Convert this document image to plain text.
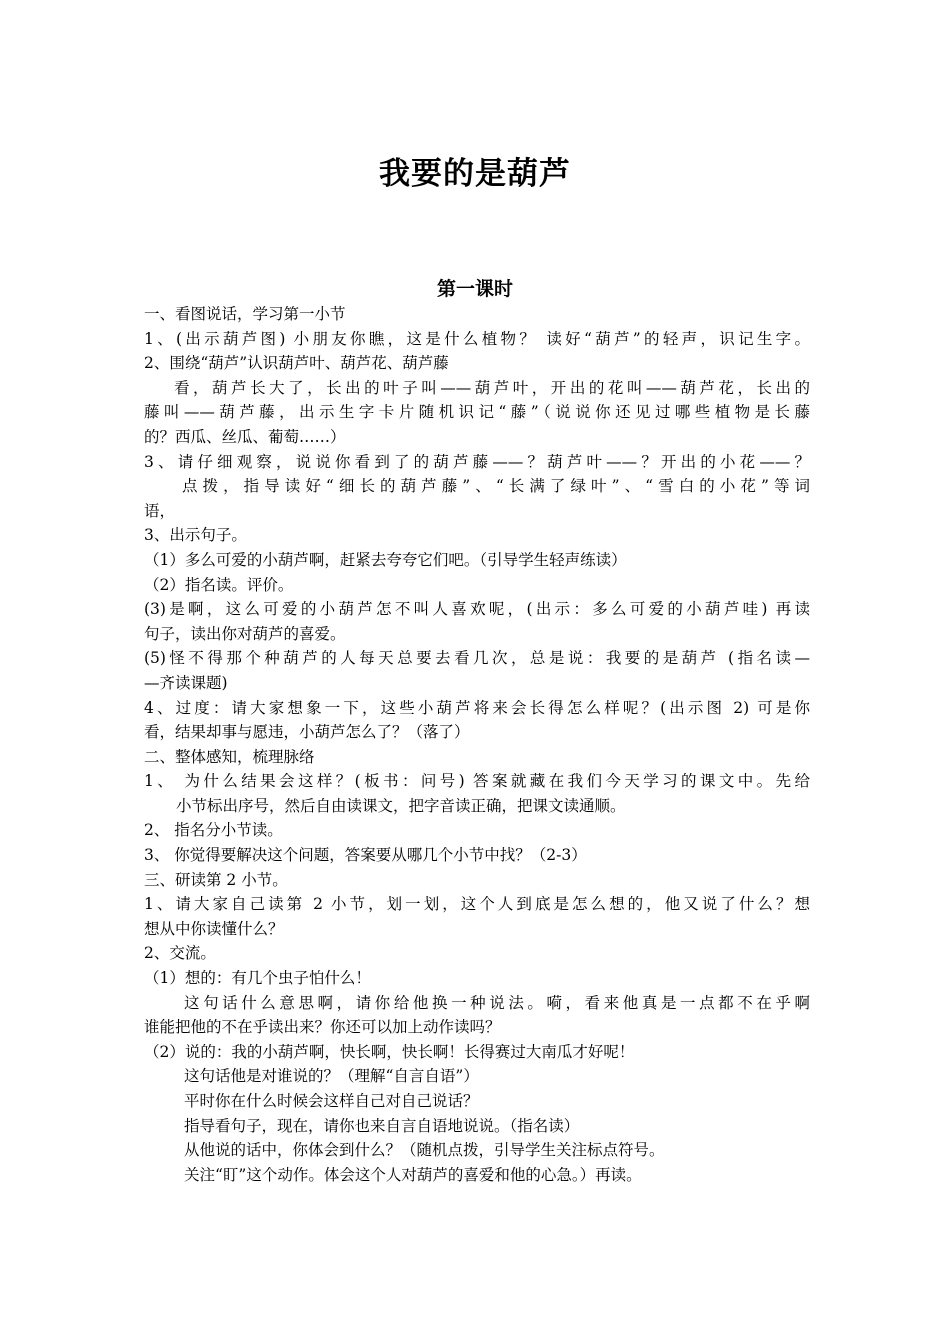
我要的是葫芦
第一课时
一、看图说话，学习第一小节
1、(出示葫芦图) 小朋友你瞧，这是什么植物？ 读好“葫芦”的轻声，识记生字。
2、围绕“葫芦”认识葫芦叶、葫芦花、葫芦藤
看，葫芦长大了，长出的叶子叫——葫芦叶，开出的花叫——葫芦花，长出的
藤叫——葫芦藤，出示生字卡片随机识记“藤”（说说你还见过哪些植物是长藤
的？西瓜、丝瓜、葡萄……）
3、请仔细观察，说说你看到了的葫芦藤——？葫芦叶——？开出的小花——？
点拨，指导读好“细长的葫芦藤”、“长满了绿叶”、“雪白的小花”等词
语，
3、出示句子。
（1）多么可爱的小葫芦啊，赶紧去夸夸它们吧。（引导学生轻声练读）
（2）指名读。评价。
(3)是啊，这么可爱的小葫芦怎不叫人喜欢呢，(出示：多么可爱的小葫芦哇) 再读
句子，读出你对葫芦的喜爱。
(5)怪不得那个种葫芦的人每天总要去看几次，总是说：我要的是葫芦 (指名读—
—齐读课题)
4、过度：请大家想象一下，这些小葫芦将来会长得怎么样呢？(出示图 2) 可是你
看，结果却事与愿违，小葫芦怎么了？（落了）
二、整体感知，梳理脉络
1、 为什么结果会这样？(板书：问号) 答案就藏在我们今天学习的课文中。先给
小节标出序号，然后自由读课文，把字音读正确，把课文读通顺。
2、 指名分小节读。
3、 你觉得要解决这个问题，答案要从哪几个小节中找？（2-3）
三、研读第 2 小节。
1、请大家自己读第 2 小节，划一划，这个人到底是怎么想的，他又说了什么？想
想从中你读懂什么？
2、交流。
（1）想的：有几个虫子怕什么！
这句话什么意思啊，请你给他换一种说法。嗬，看来他真是一点都不在乎啊
谁能把他的不在乎读出来？你还可以加上动作读吗？
（2）说的：我的小葫芦啊，快长啊，快长啊！长得赛过大南瓜才好呢！
这句话他是对谁说的？（理解“自言自语”）
平时你在什么时候会这样自己对自己说话？
指导看句子，现在，请你也来自言自语地说说。（指名读）
从他说的话中，你体会到什么？（随机点拨，引导学生关注标点符号。
关注“盯”这个动作。体会这个人对葫芦的喜爱和他的心急。）再读。
